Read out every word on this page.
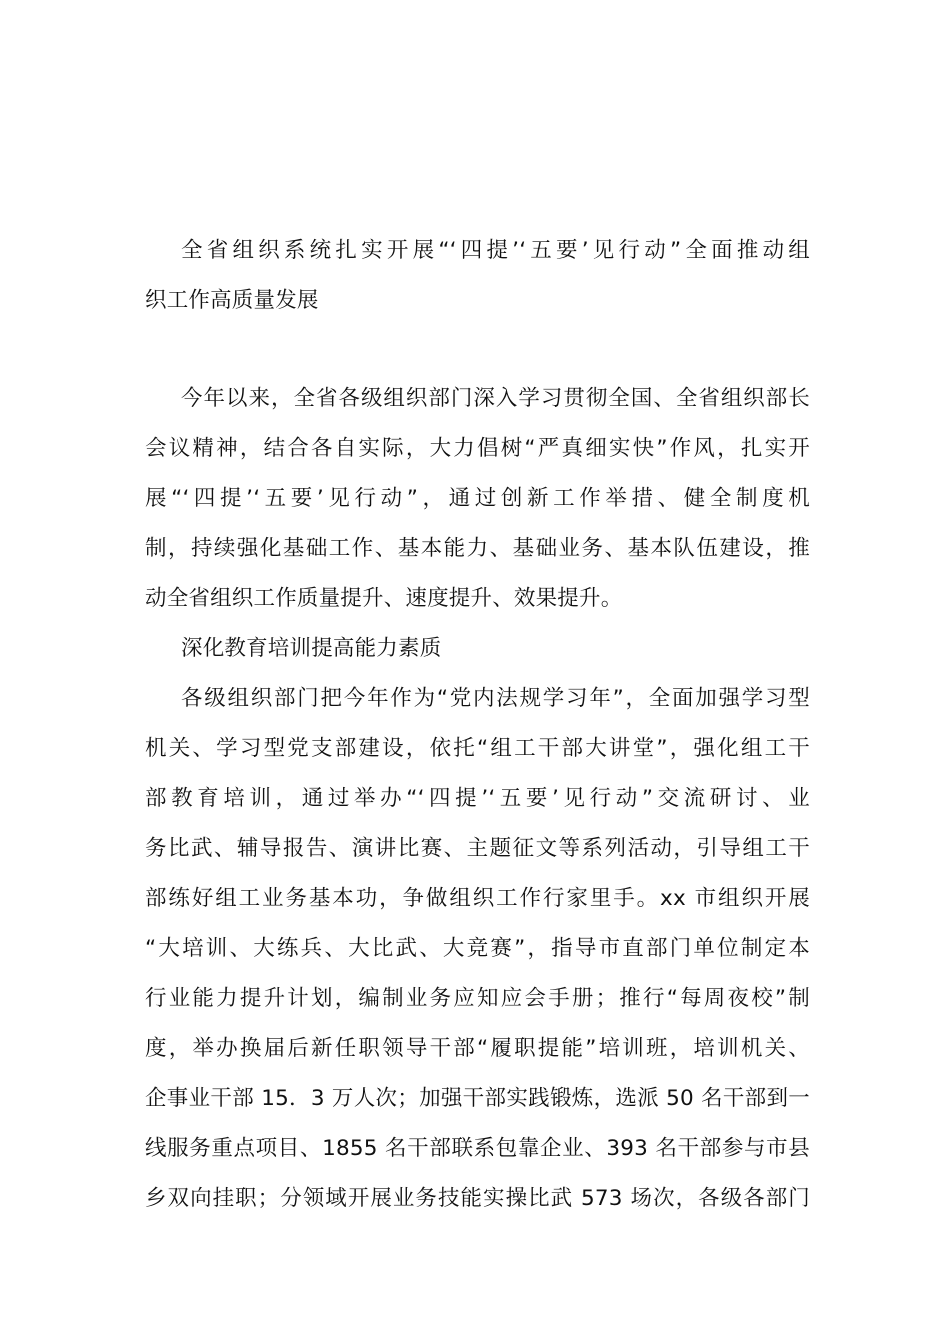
全省组织系统扎实开展“‘四提’‘五要’见行动”全面推动组
织工作高质量发展
今年以来，全省各级组织部门深入学习贯彻全国、全省组织部长
会议精神，结合各自实际，大力倡树“严真细实快”作风，扎实开
展“‘四提’‘五要’见行动”，通过创新工作举措、健全制度机
制，持续强化基础工作、基本能力、基础业务、基本队伍建设，推
动全省组织工作质量提升、速度提升、效果提升。
深化教育培训提高能力素质
各级组织部门把今年作为“党内法规学习年”，全面加强学习型
机关、学习型党支部建设，依托“组工干部大讲堂”，强化组工干
部教育培训，通过举办“‘四提’‘五要’见行动”交流研讨、业
务比武、辅导报告、演讲比赛、主题征文等系列活动，引导组工干
部练好组工业务基本功，争做组织工作行家里手。xx 市组织开展
“大培训、大练兵、大比武、大竞赛”，指导市直部门单位制定本
行业能力提升计划，编制业务应知应会手册；推行“每周夜校”制
度，举办换届后新任职领导干部“履职提能”培训班，培训机关、
企事业干部 15．3 万人次；加强干部实践锻炼，选派 50 名干部到一
线服务重点项目、1855 名干部联系包靠企业、393 名干部参与市县
乡双向挂职；分领域开展业务技能实操比武 573 场次，各级各部门
